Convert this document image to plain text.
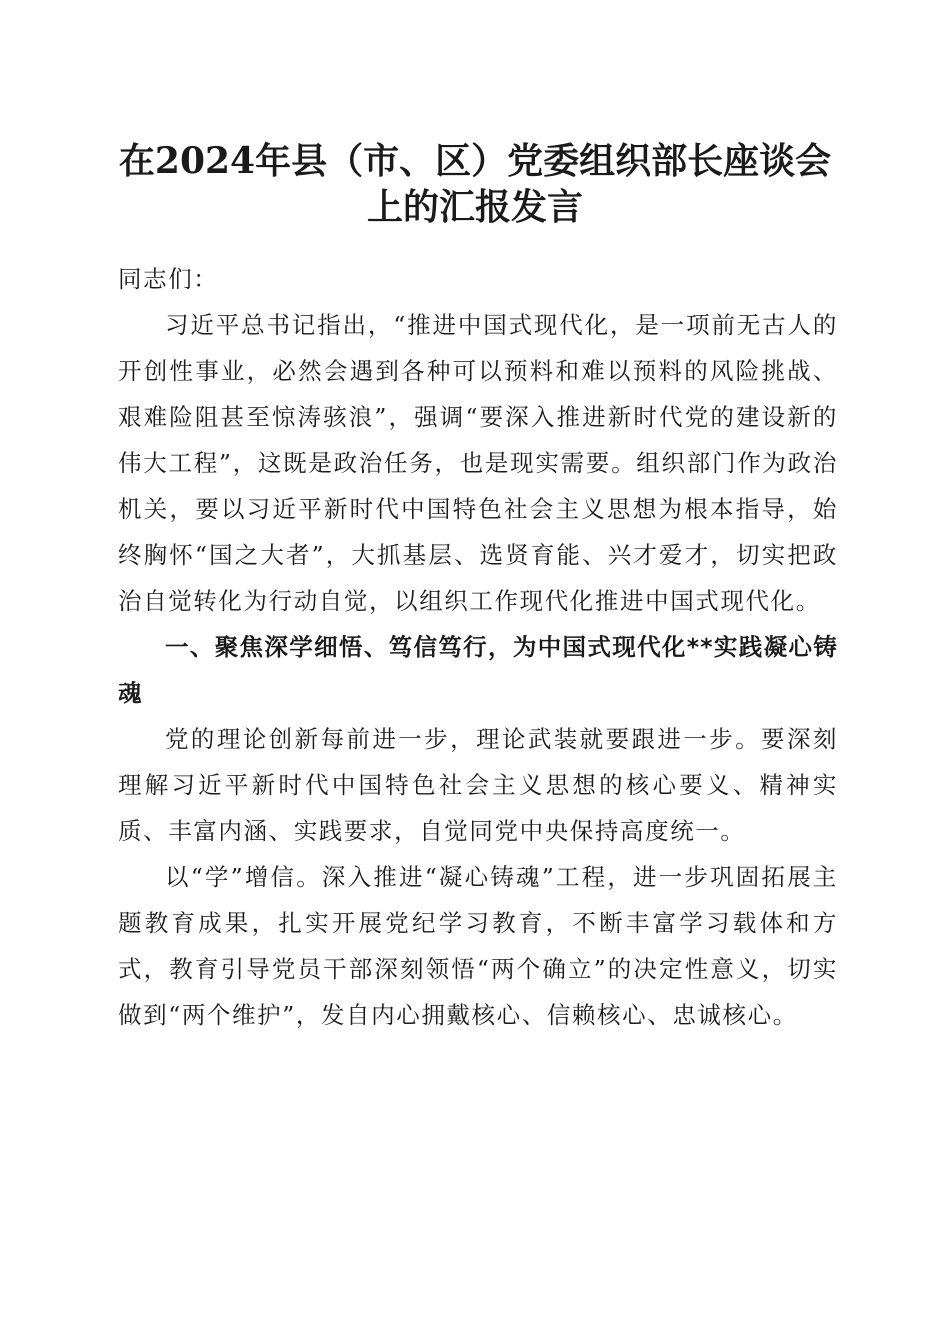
在2024年县（市、区）党委组织部长座谈会
上的汇报发言

同志们：

习近平总书记指出，“推进中国式现代化，是一项前无古人的开创性事业，必然会遇到各种可以预料和难以预料的风险挑战、艰难险阻甚至惊涛骇浪”，强调“要深入推进新时代党的建设新的伟大工程”，这既是政治任务，也是现实需要。组织部门作为政治机关，要以习近平新时代中国特色社会主义思想为根本指导，始终胸怀“国之大者”，大抓基层、选贤育能、兴才爱才，切实把政治自觉转化为行动自觉，以组织工作现代化推进中国式现代化。

一、聚焦深学细悟、笃信笃行，为中国式现代化**实践凝心铸魂

党的理论创新每前进一步，理论武装就要跟进一步。要深刻理解习近平新时代中国特色社会主义思想的核心要义、精神实质、丰富内涵、实践要求，自觉同党中央保持高度统一。

以“学”增信。深入推进“凝心铸魂”工程，进一步巩固拓展主题教育成果，扎实开展党纪学习教育，不断丰富学习载体和方式，教育引导党员干部深刻领悟“两个确立”的决定性意义，切实做到“两个维护”，发自内心拥戴核心、信赖核心、忠诚核心。
